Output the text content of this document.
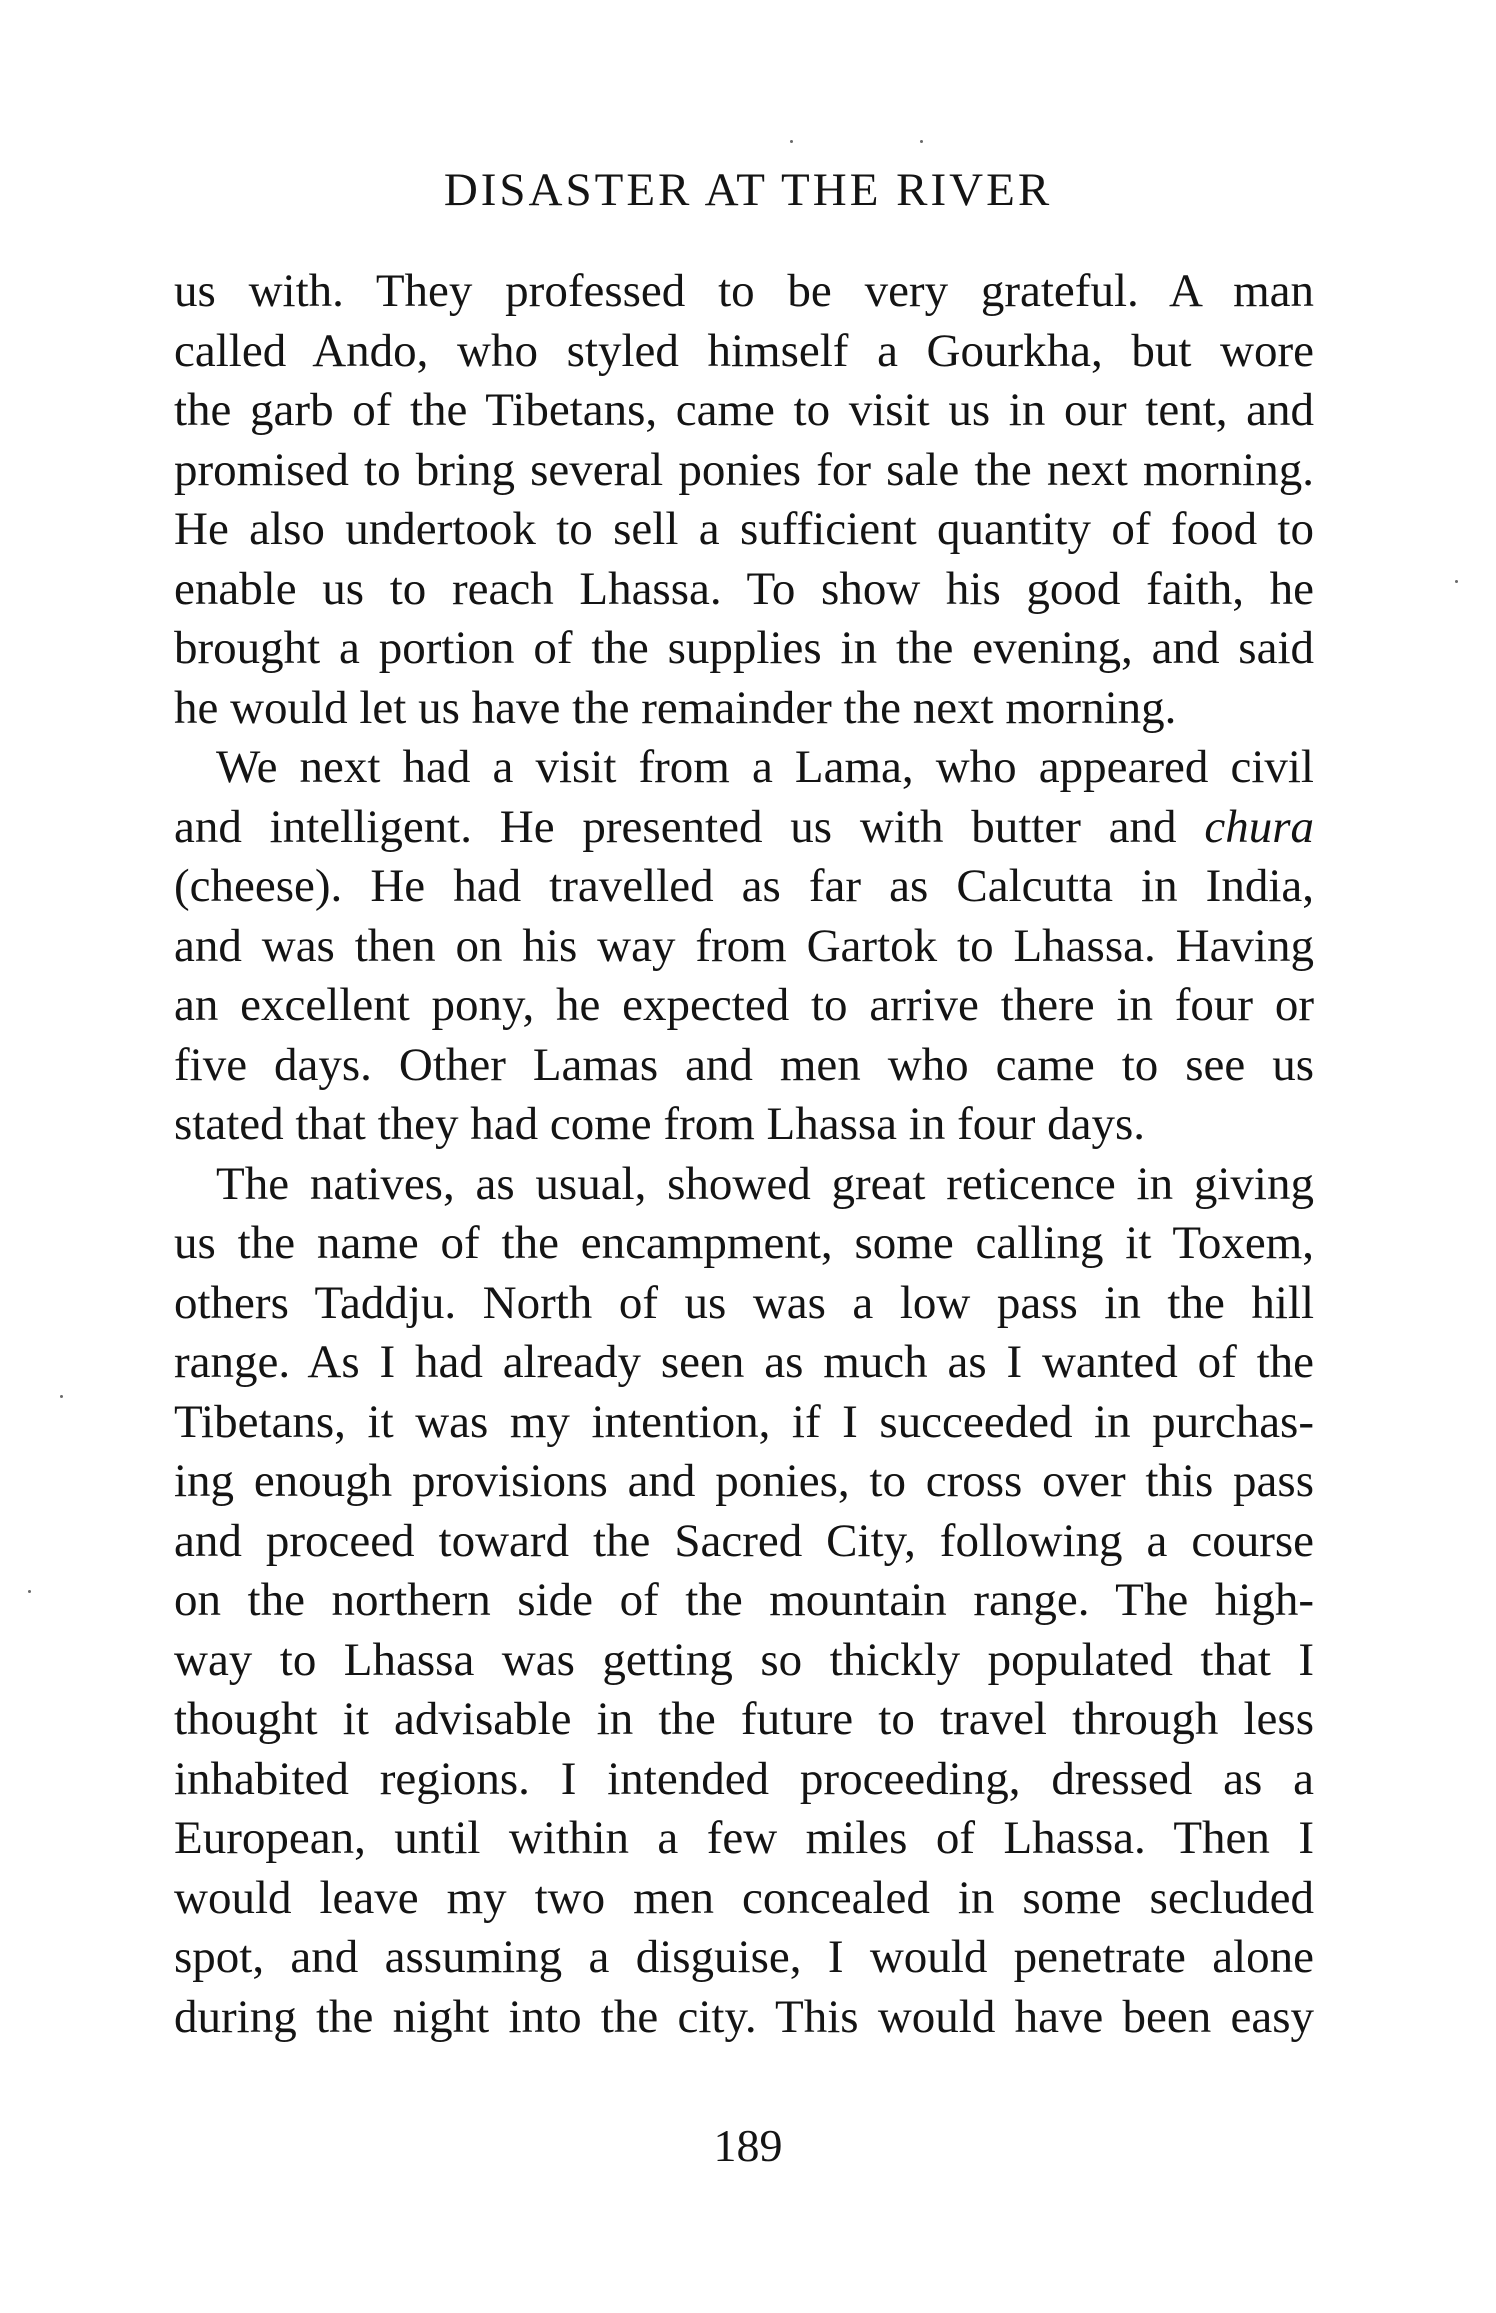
DISASTER AT THE RIVER
us with. They professed to be very grateful. A man
called Ando, who styled himself a Gourkha, but wore
the garb of the Tibetans, came to visit us in our tent, and
promised to bring several ponies for sale the next morning.
He also undertook to sell a sufficient quantity of food to
enable us to reach Lhassa. To show his good faith, he
brought a portion of the supplies in the evening, and said
he would let us have the remainder the next morning.
We next had a visit from a Lama, who appeared civil
and intelligent. He presented us with butter and chura
(cheese). He had travelled as far as Calcutta in India,
and was then on his way from Gartok to Lhassa. Having
an excellent pony, he expected to arrive there in four or
five days. Other Lamas and men who came to see us
stated that they had come from Lhassa in four days.
The natives, as usual, showed great reticence in giving
us the name of the encampment, some calling it Toxem,
others Taddju. North of us was a low pass in the hill
range. As I had already seen as much as I wanted of the
Tibetans, it was my intention, if I succeeded in purchas-
ing enough provisions and ponies, to cross over this pass
and proceed toward the Sacred City, following a course
on the northern side of the mountain range. The high-
way to Lhassa was getting so thickly populated that I
thought it advisable in the future to travel through less
inhabited regions. I intended proceeding, dressed as a
European, until within a few miles of Lhassa. Then I
would leave my two men concealed in some secluded
spot, and assuming a disguise, I would penetrate alone
during the night into the city. This would have been easy
189
